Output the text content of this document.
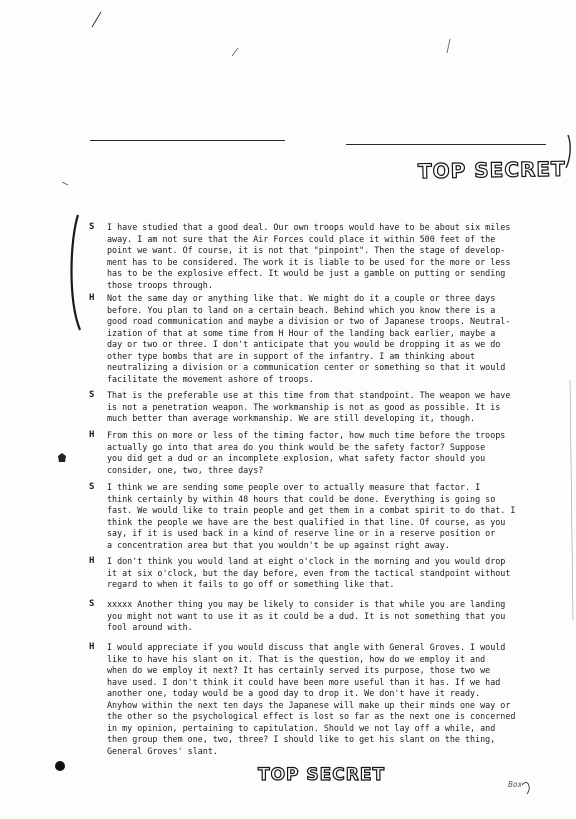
TOP SECRET
S I have studied that a good deal. Our own troops would have to be about six miles
away. I am not sure that the Air Forces could place it within 500 feet of the
point we want. Of course, it is not that "pinpoint". Then the stage of develop-
ment has to be considered. The work it is liable to be used for the more or less
has to be the explosive effect. It would be just a gamble on putting or sending
those troops through.
H Not the same day or anything like that. We might do it a couple or three days
before. You plan to land on a certain beach. Behind which you know there is a
good road communication and maybe a division or two of Japanese troops. Neutral-
ization of that at some time from H Hour of the landing back earlier, maybe a
day or two or three. I don't anticipate that you would be dropping it as we do
other type bombs that are in support of the infantry. I am thinking about
neutralizing a division or a communication center or something so that it would
facilitate the movement ashore of troops.
S That is the preferable use at this time from that standpoint. The weapon we have
is not a penetration weapon. The workmanship is not as good as possible. It is
much better than average workmanship. We are still developing it, though.
H From this on more or less of the timing factor, how much time before the troops
actually go into that area do you think would be the safety factor? Suppose
you did get a dud or an incomplete explosion, what safety factor should you
consider, one, two, three days?
S I think we are sending some people over to actually measure that factor. I
think certainly by within 48 hours that could be done. Everything is going so
fast. We would like to train people and get them in a combat spirit to do that. I
think the people we have are the best qualified in that line. Of course, as you
say, if it is used back in a kind of reserve line or in a reserve position or
a concentration area but that you wouldn't be up against right away.
H I don't think you would land at eight o'clock in the morning and you would drop
it at six o'clock, but the day before, even from the tactical standpoint without
regard to when it fails to go off or something like that.
S xxxxx Another thing you may be likely to consider is that while you are landing
you might not want to use it as it could be a dud. It is not something that you
fool around with.
H I would appreciate if you would discuss that angle with General Groves. I would
like to have his slant on it. That is the question, how do we employ it and
when do we employ it next? It has certainly served its purpose, those two we
have used. I don't think it could have been more useful than it has. If we had
another one, today would be a good day to drop it. We don't have it ready.
Anyhow within the next ten days the Japanese will make up their minds one way or
the other so the psychological effect is lost so far as the next one is concerned
in my opinion, pertaining to capitulation. Should we not lay off a while, and
then group them one, two, three? I should like to get his slant on the thing,
General Groves' slant.
TOP SECRET	Box
